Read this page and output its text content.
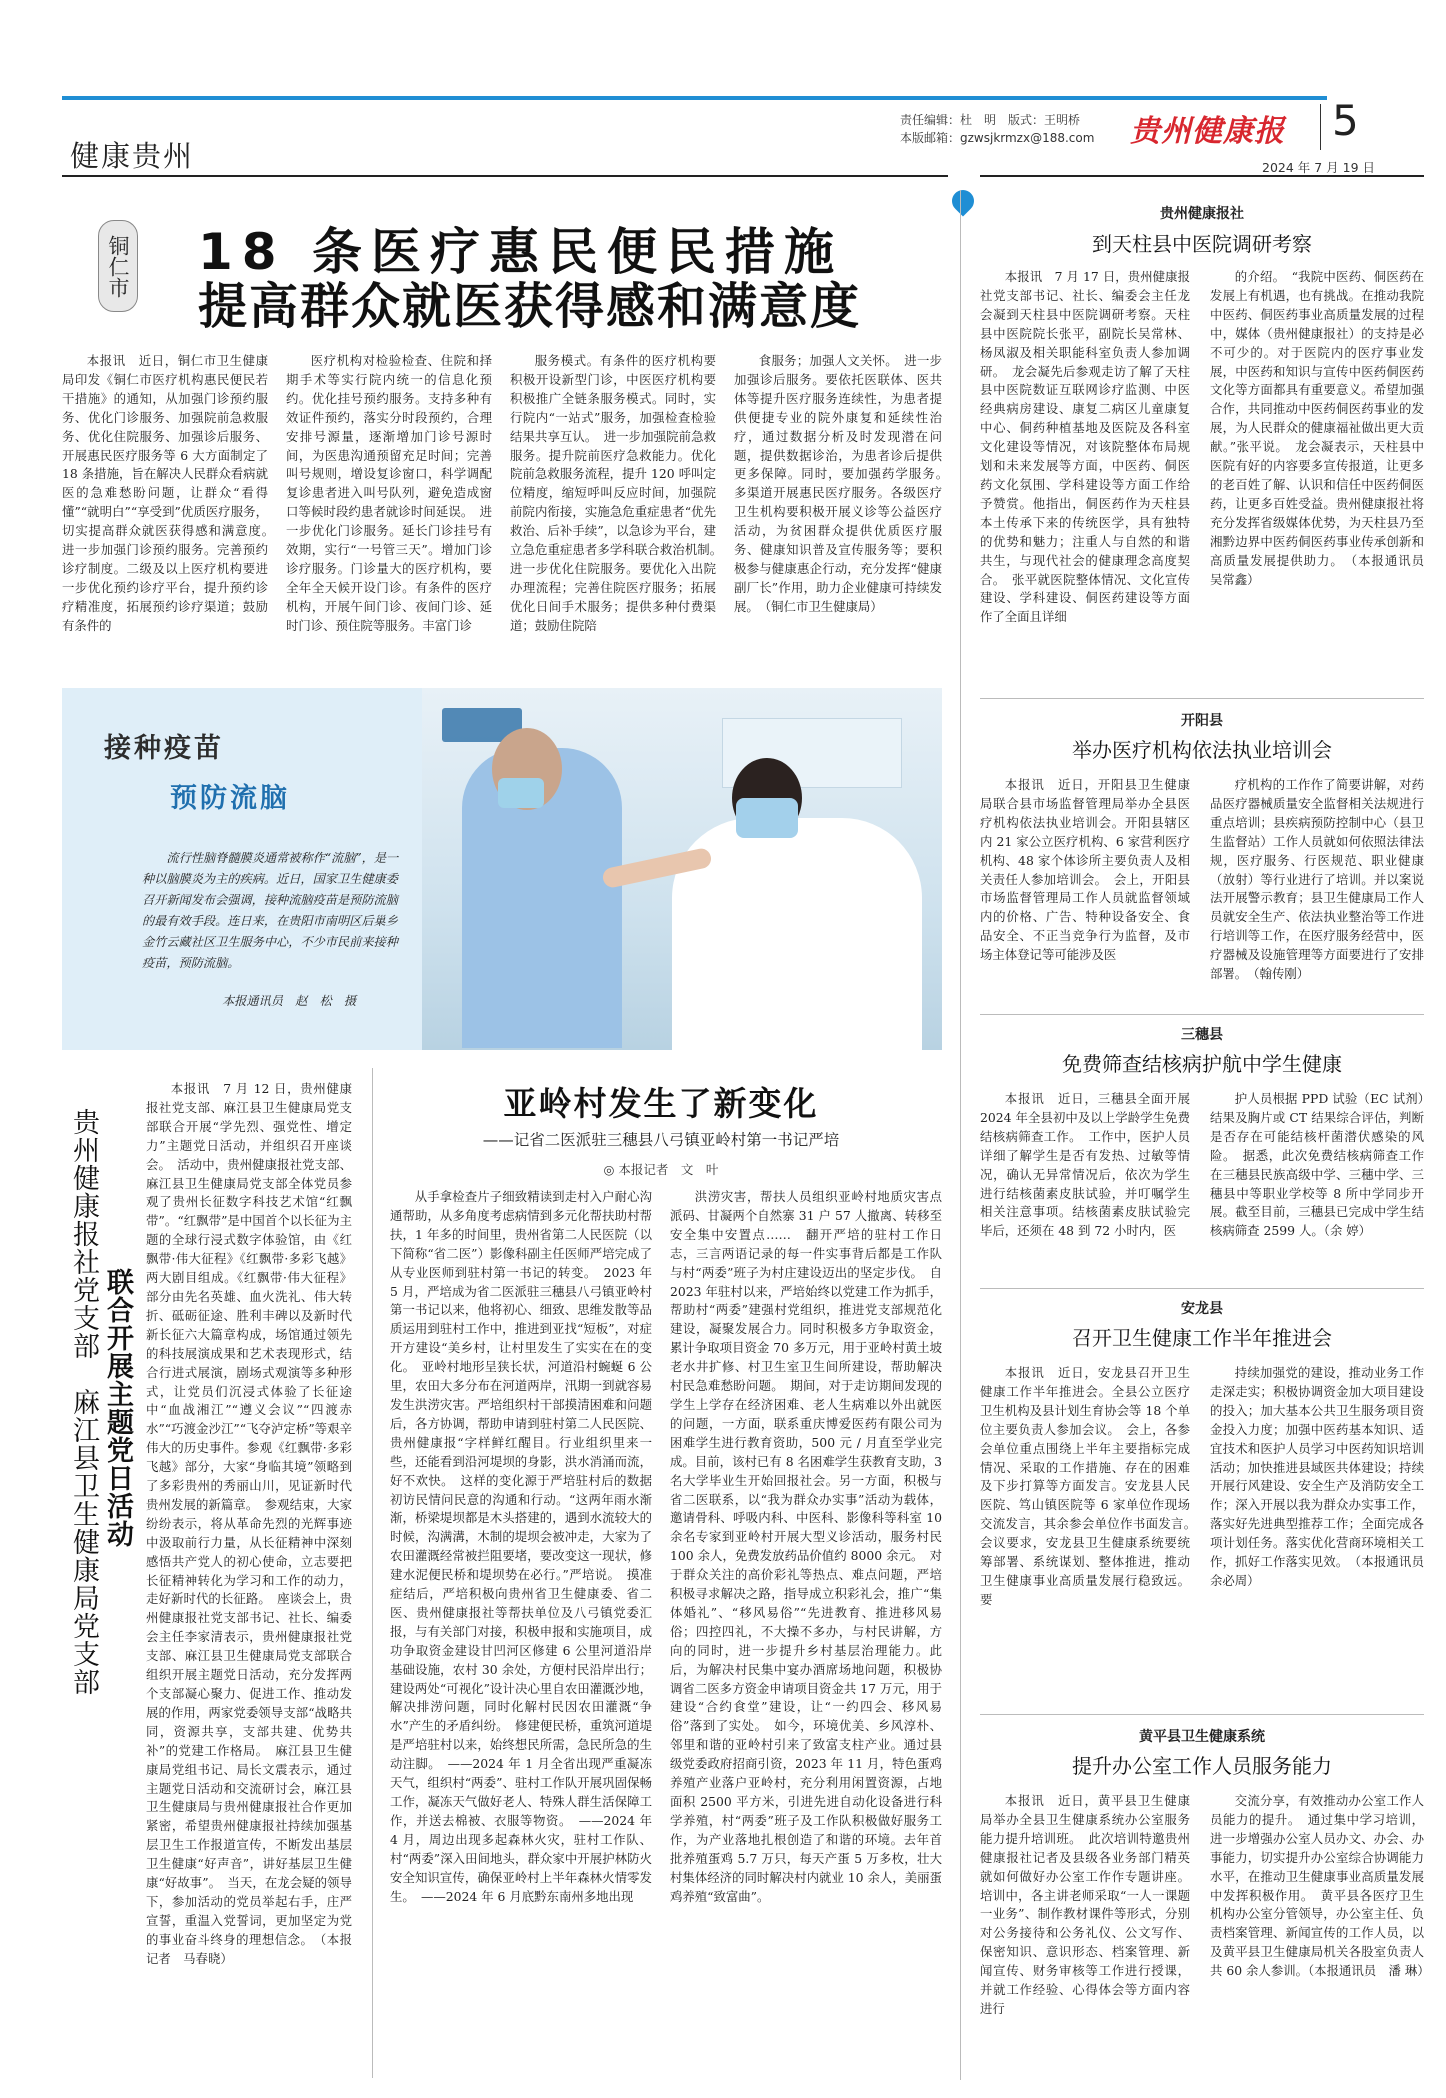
责任编辑：杜　明　版式：王明桥
本版邮箱：gzwsjkrmzx@188.com 贵州健康报 5
2024 年 7 月 19 日
健康贵州
铜仁市 18 条医疗惠民便民措施
提高群众就医获得感和满意度

本报讯　近日，铜仁市卫生健康局印发《铜仁市医疗机构惠民便民若干措施》的通知，从加强门诊预约服务、优化门诊服务、加强院前急救服务、优化住院服务、加强诊后服务、开展惠民医疗服务等 6 大方面制定了 18 条措施，旨在解决人民群众看病就医的急难愁盼问题，让群众“看得懂”“就明白”“享受到”优质医疗服务，切实提高群众就医获得感和满意度。　进一步加强门诊预约服务。完善预约诊疗制度。二级及以上医疗机构要进一步优化预约诊疗平台，提升预约诊疗精准度，拓展预约诊疗渠道；鼓励有条件的

医疗机构对检验检查、住院和择期手术等实行院内统一的信息化预约。优化挂号预约服务。支持多种有效证件预约，落实分时段预约，合理安排号源量，逐渐增加门诊号源时间，为医患沟通预留充足时间；完善叫号规则，增设复诊窗口，科学调配复诊患者进入叫号队列，避免造成窗口等候时段约患者就诊时间延误。　进一步优化门诊服务。延长门诊挂号有效期，实行“一号管三天”。增加门诊诊疗服务。门诊量大的医疗机构，要全年全天候开设门诊。有条件的医疗机构，开展午间门诊、夜间门诊、延时门诊、预住院等服务。丰富门诊

服务模式。有条件的医疗机构要积极开设新型门诊，中医医疗机构要积极推广全链条服务模式。同时，实行院内“一站式”服务，加强检查检验结果共享互认。　进一步加强院前急救服务。提升院前医疗急救能力。优化院前急救服务流程，提升 120 呼叫定位精度，缩短呼叫反应时间，加强院前院内衔接，实施急危重症患者“优先救治、后补手续”，以急诊为平台，建立急危重症患者多学科联合救治机制。　进一步优化住院服务。要优化入出院办理流程；完善住院医疗服务；拓展优化日间手术服务；提供多种付费渠道；鼓励住院陪

食服务；加强人文关怀。　进一步加强诊后服务。要依托医联体、医共体等提升医疗服务连续性，为患者提供便捷专业的院外康复和延续性治疗，通过数据分析及时发现潜在问题，提供数据诊治，为患者诊后提供更多保障。同时，要加强药学服务。　多渠道开展惠民医疗服务。各级医疗卫生机构要积极开展义诊等公益医疗活动，为贫困群众提供优质医疗服务、健康知识普及宣传服务等；要积极参与健康惠企行动，充分发挥“健康副厂长”作用，助力企业健康可持续发展。　（铜仁市卫生健康局）

接种疫苗
预防流脑
流行性脑脊髓膜炎通常被称作“流脑”，是一种以脑膜炎为主的疾病。近日，国家卫生健康委召开新闻发布会强调，接种流脑疫苗是预防流脑的最有效手段。连日来，在贵阳市南明区后巢乡金竹云藏社区卫生服务中心，不少市民前来接种疫苗，预防流脑。
本报通讯员　赵　松　摄
贵州健康报社党支部　麻江县卫生健康局党支部 联合开展主题党日活动

本报讯　7 月 12 日，贵州健康报社党支部、麻江县卫生健康局党支部联合开展“学先烈、强党性、增定力”主题党日活动，并组织召开座谈会。　活动中，贵州健康报社党支部、麻江县卫生健康局党支部全体党员参观了贵州长征数字科技艺术馆“红飘带”。“红飘带”是中国首个以长征为主题的全球行浸式数字体验馆，由《红飘带·伟大征程》《红飘带·多彩飞越》两大剧目组成。《红飘带·伟大征程》部分由先名英雄、血火洗礼、伟大转折、砥砺征途、胜利丰碑以及新时代新长征六大篇章构成，场馆通过领先的科技展演成果和艺术表现形式，结合行进式展演，剧场式观演等多种形式，让党员们沉浸式体验了长征途中“血战湘江”“遵义会议”“四渡赤水”“巧渡金沙江”“飞夺泸定桥”等艰辛伟大的历史事件。参观《红飘带·多彩飞越》部分，大家“身临其境”领略到了多彩贵州的秀丽山川，见证新时代贵州发展的新篇章。　参观结束，大家纷纷表示，将从革命先烈的光辉事迹中汲取前行力量，从长征精神中深刻感悟共产党人的初心使命，立志要把长征精神转化为学习和工作的动力，走好新时代的长征路。　座谈会上，贵州健康报社党支部书记、社长、编委会主任李家清表示，贵州健康报社党支部、麻江县卫生健康局党支部联合组织开展主题党日活动，充分发挥两个支部凝心聚力、促进工作、推动发展的作用，两家党委领导支部“战略共同，资源共享，支部共建、优势共补”的党建工作格局。　麻江县卫生健康局党组书记、局长文震表示，通过主题党日活动和交流研讨会，麻江县卫生健康局与贵州健康报社合作更加紧密，希望贵州健康报社持续加强基层卫生工作报道宣传，不断发出基层卫生健康“好声音”，讲好基层卫生健康“好故事”。　当天，在龙会疑的领导下，参加活动的党员举起右手，庄严宣誓，重温入党誓词，更加坚定为党的事业奋斗终身的理想信念。　（本报记者　马春晓）

亚岭村发生了新变化
——记省二医派驻三穗县八弓镇亚岭村第一书记严培
◎ 本报记者　文　叶

从手拿检查片子细致精读到走村入户耐心沟通帮助，从多角度考虑病情到多元化帮扶助村帮扶，1 年多的时间里，贵州省第二人民医院（以下简称“省二医”）影像科副主任医师严培完成了从专业医师到驻村第一书记的转变。　2023 年 5 月，严培成为省二医派驻三穗县八弓镇亚岭村第一书记以来，他将初心、细致、思维发散等品质运用到驻村工作中，推进到亚找“短板”，对症开方建设“美乡村，让村里发生了实实在在的变化。　亚岭村地形呈狭长状，河道沿村蜿蜒 6 公里，农田大多分布在河道两岸，汛期一到就容易发生洪涝灾害。严培组织村干部摸清困难和问题后，各方协调，帮助申请到驻村第二人民医院、贵州健康报“字样鲜红醒目。行业组织里来一些，还能看到沿河堤坝的身影，洪水消涌而流，好不欢快。　这样的变化源于严培驻村后的数据初访民情问民意的沟通和行动。“这两年雨水渐渐，桥梁堤坝都是木头搭建的，遇到水流较大的时候，沟满溝，木制的堤坝会被冲走，大家为了农田灌溉经常被拦阻要堵，要改变这一现状，修建水泥便民桥和堤坝势在必行。”严培说。　摸准症结后，严培积极向贵州省卫生健康委、省二医、贵州健康报社等帮扶单位及八弓镇党委汇报，与有关部门对接，积极申报和实施项目，成功争取资金建设甘凹河区修建 6 公里河道沿岸基础设施，农村 30 余处，方便村民沿岸出行；建设两处“可视化”设计决心里自农田灌溉沙地，解决排涝问题，同时化解村民因农田灌溉“争水”产生的矛盾纠纷。　修建便民桥，重筑河道堤是严培驻村以来，始终想民所需，急民所急的生动注脚。　——2024 年 1 月全省出现严重凝冻天气，组织村“两委”、驻村工作队开展巩固保畅工作，凝冻天气做好老人、特殊人群生活保障工作，并送去棉被、衣服等物资。　——2024 年 4 月，周边出现多起森林火灾，驻村工作队、村“两委”深入田间地头，群众家中开展护林防火安全知识宣传，确保亚岭村上半年森林火情零发生。　——2024 年 6 月底黔东南州多地出现

洪涝灾害，帮扶人员组织亚岭村地质灾害点派码、甘凝两个自然寨 31 户 57 人撤离、转移至安全集中安置点……　翻开严培的驻村工作日志，三言两语记录的每一件实事背后都是工作队与村“两委”班子为村庄建设迈出的坚定步伐。　自 2023 年驻村以来，严培始终以党建工作为抓手，帮助村“两委”建强村党组织，推进党支部规范化建设，凝聚发展合力。同时积极多方争取资金，累计争取项目资金 70 多万元，用于亚岭村黄土坡老水井扩修、村卫生室卫生间所建设，帮助解决村民急难愁盼问题。　期间，对于走访期间发现的学生上学存在经济困难、老人生病难以外出就医的问题，一方面，联系重庆博爱医药有限公司为困难学生进行教育资助，500 元 / 月直至学业完成。目前，该村已有 8 名困难学生获教育支助，3 名大学毕业生开始回报社会。另一方面，积极与省二医联系，以“我为群众办实事”活动为载体，邀请骨科、呼吸内科、中医科、影像科等科室 10 余名专家到亚岭村开展大型义诊活动，服务村民 100 余人，免费发放药品价值约 8000 余元。　对于群众关注的高价彩礼等热点、难点问题，严培积极寻求解决之路，指导成立积彩礼会，推广“集体婚礼”、“移风易俗”“先进教育、推进移风易俗；四控四礼，不大操不多办，与村民讲解，方向的同时，进一步提升乡村基层治理能力。此后，为解决村民集中宴办酒席场地问题，积极协调省二医多方资金申请项目资金共 17 万元，用于建设“合约食堂”建设，让“一约四会、移风易俗”落到了实处。　如今，环境优美、乡风淳朴、邻里和谐的亚岭村引来了致富支柱产业。通过县级党委政府招商引资，2023 年 11 月，特色蛋鸡养殖产业落户亚岭村，充分利用闲置资源，占地面积 2500 平方米，引进先进自动化设备进行科学养殖，村“两委”班子及工作队积极做好服务工作，为产业落地扎根创造了和谐的环境。去年首批养殖蛋鸡 5.7 万只，每天产蛋 5 万多枚，壮大村集体经济的同时解决村内就业 10 余人，美丽蛋鸡养殖“致富曲”。

贵州健康报社
到天柱县中医院调研考察

本报讯　7 月 17 日，贵州健康报社党支部书记、社长、编委会主任龙会凝到天柱县中医院调研考察。天柱县中医院院长张平，副院长吴常林、杨凤淑及相关职能科室负责人参加调研。　龙会凝先后参观走访了解了天柱县中医院数证互联网诊疗监测、中医经典病房建设、康复二病区儿童康复中心、侗药种植基地及医院及各科室文化建设等情况，对该院整体布局规划和未来发展等方面，中医药、侗医药文化氛围、学科建设等方面工作给予赞赏。他指出，侗医药作为天柱县本土传承下来的传统医学，具有独特的优势和魅力；注重人与自然的和谐共生，与现代社会的健康理念高度契合。　张平就医院整体情况、文化宣传建设、学科建设、侗医药建设等方面作了全面且详细

的介绍。　“我院中医药、侗医药在发展上有机遇，也有挑战。在推动我院中医药、侗医药事业高质量发展的过程中，媒体（贵州健康报社）的支持是必不可少的。对于医院内的医疗事业发展，中医药和知识与宣传中医药侗医药文化等方面都具有重要意义。希望加强合作，共同推动中医药侗医药事业的发展，为人民群众的健康福祉做出更大贡献。”张平说。　龙会凝表示，天柱县中医院有好的内容要多宣传报道，让更多的老百姓了解、认识和信任中医药侗医药，让更多百姓受益。贵州健康报社将充分发挥省级媒体优势，为天柱县乃至湘黔边界中医药侗医药事业传承创新和高质量发展提供助力。　（本报通讯员　吴常鑫）

开阳县
举办医疗机构依法执业培训会

本报讯　近日，开阳县卫生健康局联合县市场监督管理局举办全县医疗机构依法执业培训会。开阳县辖区内 21 家公立医疗机构、6 家营利医疗机构、48 家个体诊所主要负责人及相关责任人参加培训会。　会上，开阳县市场监督管理局工作人员就监督领域内的价格、广告、特种设备安全、食品安全、不正当竞争行为监督，及市场主体登记等可能涉及医

疗机构的工作作了简要讲解，对药品医疗器械质量安全监督相关法规进行重点培训；县疾病预防控制中心（县卫生监督站）工作人员就如何依照法律法规，医疗服务、行医规范、职业健康（放射）等行业进行了培训。并以案说法开展警示教育；县卫生健康局工作人员就安全生产、依法执业整治等工作进行培训等工作，在医疗服务经营中，医疗器械及设施管理等方面要进行了安排部署。　（翰传刚）

三穗县
免费筛查结核病护航中学生健康

本报讯　近日，三穗县全面开展 2024 年全县初中及以上学龄学生免费结核病筛查工作。　工作中，医护人员详细了解学生是否有发热、过敏等情况，确认无异常情况后，依次为学生进行结核菌素皮肤试验，并叮嘱学生相关注意事项。结核菌素皮肤试验完毕后，还须在 48 到 72 小时内，医

护人员根据 PPD 试验（EC 试剂）结果及胸片或 CT 结果综合评估，判断是否存在可能结核杆菌潜伏感染的风险。　据悉，此次免费结核病筛查工作在三穗县民族高级中学、三穗中学、三穗县中等职业学校等 8 所中学同步开展。截至目前，三穗县已完成中学生结核病筛查 2599 人。（余 婷）

安龙县
召开卫生健康工作半年推进会

本报讯　近日，安龙县召开卫生健康工作半年推进会。全县公立医疗卫生机构及县计划生育协会等 18 个单位主要负责人参加会议。　会上，各参会单位重点围绕上半年主要指标完成情况、采取的工作措施、存在的困难及下步打算等方面发言。安龙县人民医院、笃山镇医院等 6 家单位作现场交流发言，其余参会单位作书面发言。　会议要求，安龙县卫生健康系统要统筹部署、系统谋划、整体推进，推动卫生健康事业高质量发展行稳致远。要

持续加强党的建设，推动业务工作走深走实；积极协调资金加大项目建设的投入；加大基本公共卫生服务项目资金投入力度；加强中医药基本知识、适宜技术和医护人员学习中医药知识培训活动；加快推进县域医共体建设；持续开展行风建设、安全生产及消防安全工作；深入开展以我为群众办实事工作，落实好先进典型推荐工作；全面完成各项计划任务。落实优化营商环境相关工作，抓好工作落实见效。　（本报通讯员　余必周）

黄平县卫生健康系统
提升办公室工作人员服务能力

本报讯　近日，黄平县卫生健康局举办全县卫生健康系统办公室服务能力提升培训班。　此次培训特邀贵州健康报社记者及县级各业务部门精英就如何做好办公室工作作专题讲座。培训中，各主讲老师采取“一人一课题一业务”、制作教材课件等形式，分别对公务接待和公务礼仪、公文写作、保密知识、意识形态、档案管理、新闻宣传、财务审核等工作进行授课，并就工作经验、心得体会等方面内容进行

交流分享，有效推动办公室工作人员能力的提升。　通过集中学习培训，进一步增强办公室人员办文、办会、办事能力，切实提升办公室综合协调能力水平，在推动卫生健康事业高质量发展中发挥积极作用。　黄平县各医疗卫生机构办公室分管领导，办公室主任、负责档案管理、新闻宣传的工作人员，以及黄平县卫生健康局机关各股室负责人共 60 余人参训。（本报通讯员　潘 琳）
